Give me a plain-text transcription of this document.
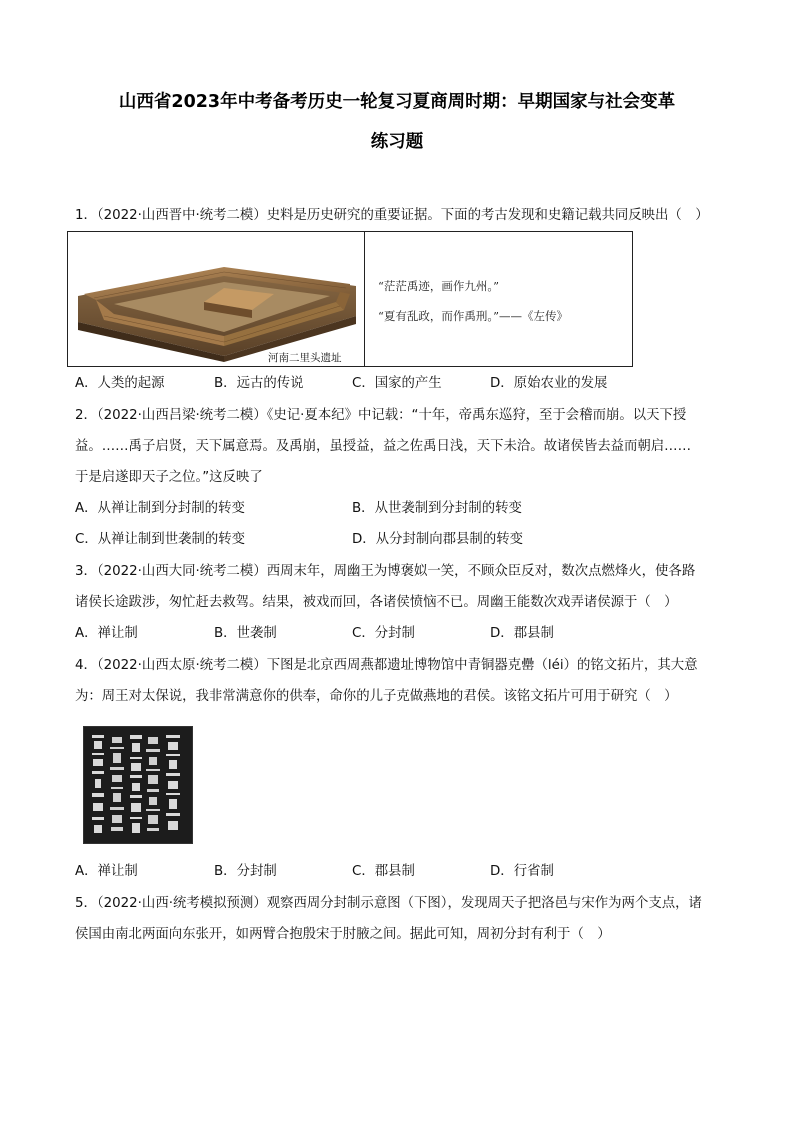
山西省2023年中考备考历史一轮复习夏商周时期：早期国家与社会变革
练习题
1．（2022·山西晋中·统考二模）史料是历史研究的重要证据。下面的考古发现和史籍记载共同反映出（　）
河南二里头遗址
“茫茫禹迹，画作九州。”
“夏有乱政，而作禹刑。”——《左传》
A．人类的起源	B．远古的传说	C．国家的产生	D．原始农业的发展
2．（2022·山西吕梁·统考二模）《史记·夏本纪》中记载：“十年，帝禹东巡狩，至于会稽而崩。以天下授
益。……禹子启贤，天下属意焉。及禹崩，虽授益，益之佐禹日浅，天下未洽。故诸侯皆去益而朝启……
于是启遂即天子之位。”这反映了
A．从禅让制到分封制的转变	B．从世袭制到分封制的转变
C．从禅让制到世袭制的转变	D．从分封制向郡县制的转变
3．（2022·山西大同·统考二模）西周末年，周幽王为博褒姒一笑，不顾众臣反对，数次点燃烽火，使各路
诸侯长途跋涉，匆忙赶去救驾。结果，被戏而回，各诸侯愤恼不已。周幽王能数次戏弄诸侯源于（　）
A．禅让制	B．世袭制	C．分封制	D．郡县制
4．（2022·山西太原·统考二模）下图是北京西周燕都遗址博物馆中青铜器克罍（léi）的铭文拓片，其大意
为：周王对太保说，我非常满意你的供奉，命你的儿子克做燕地的君侯。该铭文拓片可用于研究（　）
A．禅让制	B．分封制	C．郡县制	D．行省制
5．（2022·山西·统考模拟预测）观察西周分封制示意图（下图），发现周天子把洛邑与宋作为两个支点，诸
侯国由南北两面向东张开，如两臂合抱殷宋于肘腋之间。据此可知，周初分封有利于（　）
